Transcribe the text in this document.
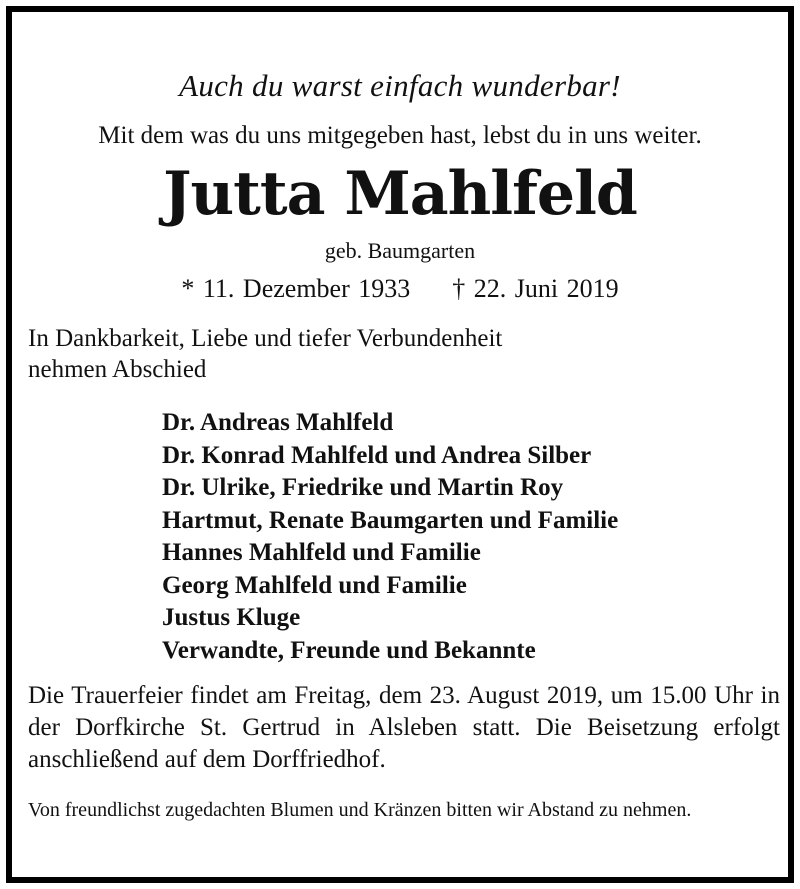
Auch du warst einfach wunderbar!
Mit dem was du uns mitgegeben hast, lebst du in uns weiter.
Jutta Mahlfeld
geb. Baumgarten
* 11. Dezember 1933 † 22. Juni 2019
In Dankbarkeit, Liebe und tiefer Verbundenheit
nehmen Abschied
Dr. Andreas Mahlfeld
Dr. Konrad Mahlfeld und Andrea Silber
Dr. Ulrike, Friedrike und Martin Roy
Hartmut, Renate Baumgarten und Familie
Hannes Mahlfeld und Familie
Georg Mahlfeld und Familie
Justus Kluge
Verwandte, Freunde und Bekannte
Die Trauerfeier findet am Freitag, dem 23. August 2019, um 15.00 Uhr in der Dorfkirche St. Gertrud in Alsleben statt. Die Beisetzung erfolgt anschließend auf dem Dorffriedhof.
Von freundlichst zugedachten Blumen und Kränzen bitten wir Abstand zu nehmen.
